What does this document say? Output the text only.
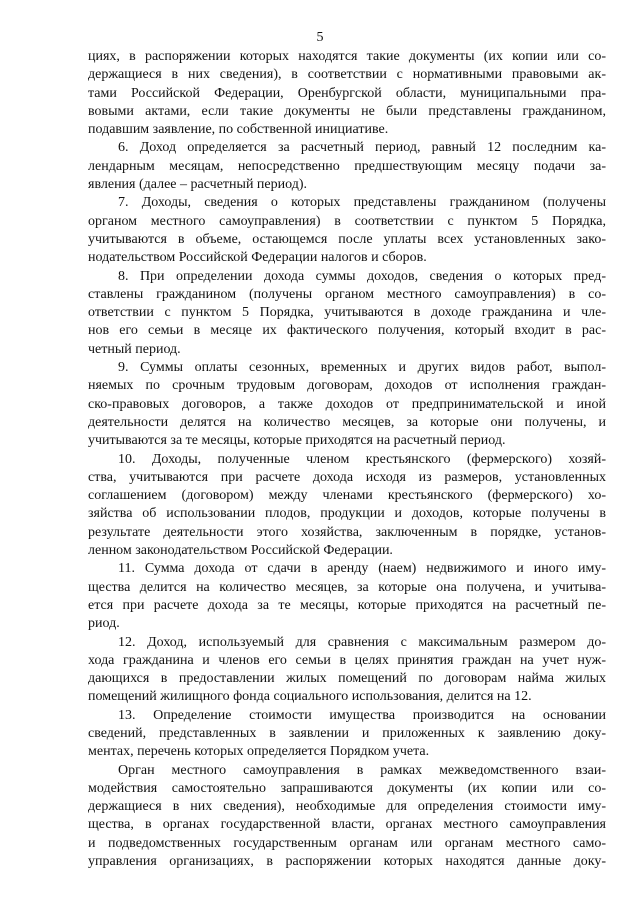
5
циях, в распоряжении которых находятся такие документы (их копии или со-
держащиеся в них сведения), в соответствии с нормативными правовыми ак-
тами Российской Федерации, Оренбургской области, муниципальными пра-
вовыми актами, если такие документы не были представлены гражданином,
подавшим заявление, по собственной инициативе.
6. Доход определяется за расчетный период, равный 12 последним ка-
лендарным месяцам, непосредственно предшествующим месяцу подачи за-
явления (далее – расчетный период).
7. Доходы, сведения о которых представлены гражданином (получены
органом местного самоуправления) в соответствии с пунктом 5 Порядка,
учитываются в объеме, остающемся после уплаты всех установленных зако-
нодательством Российской Федерации налогов и сборов.
8. При определении дохода суммы доходов, сведения о которых пред-
ставлены гражданином (получены органом местного самоуправления) в со-
ответствии с пунктом 5 Порядка, учитываются в доходе гражданина и чле-
нов его семьи в месяце их фактического получения, который входит в рас-
четный период.
9. Суммы оплаты сезонных, временных и других видов работ, выпол-
няемых по срочным трудовым договорам, доходов от исполнения граждан-
ско-правовых договоров, а также доходов от предпринимательской и иной
деятельности делятся на количество месяцев, за которые они получены, и
учитываются за те месяцы, которые приходятся на расчетный период.
10. Доходы, полученные членом крестьянского (фермерского) хозяй-
ства, учитываются при расчете дохода исходя из размеров, установленных
соглашением (договором) между членами крестьянского (фермерского) хо-
зяйства об использовании плодов, продукции и доходов, которые получены в
результате деятельности этого хозяйства, заключенным в порядке, установ-
ленном законодательством Российской Федерации.
11. Сумма дохода от сдачи в аренду (наем) недвижимого и иного иму-
щества делится на количество месяцев, за которые она получена, и учитыва-
ется при расчете дохода за те месяцы, которые приходятся на расчетный пе-
риод.
12. Доход, используемый для сравнения с максимальным размером до-
хода гражданина и членов его семьи в целях принятия граждан на учет нуж-
дающихся в предоставлении жилых помещений по договорам найма жилых
помещений жилищного фонда социального использования, делится на 12.
13. Определение стоимости имущества производится на основании
сведений, представленных в заявлении и приложенных к заявлению доку-
ментах, перечень которых определяется Порядком учета.
Орган местного самоуправления в рамках межведомственного взаи-
модействия самостоятельно запрашиваются документы (их копии или со-
держащиеся в них сведения), необходимые для определения стоимости иму-
щества, в органах государственной власти, органах местного самоуправления
и подведомственных государственным органам или органам местного само-
управления организациях, в распоряжении которых находятся данные доку-
